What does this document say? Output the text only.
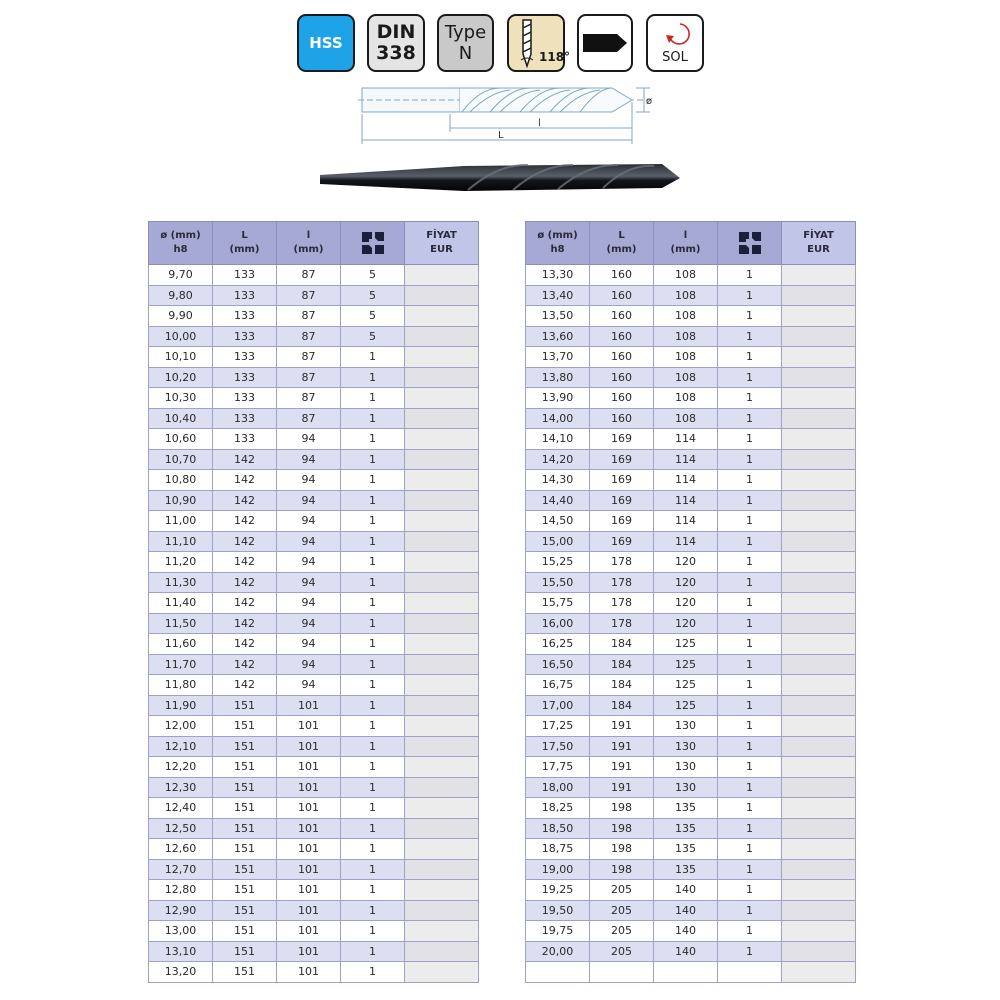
HSS DIN
338
Type
N	118°	SOL
ø
l
L
ø (mm)
h8	L
(mm)	l
(mm)		FİYAT
EUR
9,70	133	87	5	
9,80	133	87	5	
9,90	133	87	5	
10,00	133	87	5	
10,10	133	87	1	
10,20	133	87	1	
10,30	133	87	1	
10,40	133	87	1	
10,60	133	94	1	
10,70	142	94	1	
10,80	142	94	1	
10,90	142	94	1	
11,00	142	94	1	
11,10	142	94	1	
11,20	142	94	1	
11,30	142	94	1	
11,40	142	94	1	
11,50	142	94	1	
11,60	142	94	1	
11,70	142	94	1	
11,80	142	94	1	
11,90	151	101	1	
12,00	151	101	1	
12,10	151	101	1	
12,20	151	101	1	
12,30	151	101	1	
12,40	151	101	1	
12,50	151	101	1	
12,60	151	101	1	
12,70	151	101	1	
12,80	151	101	1	
12,90	151	101	1	
13,00	151	101	1	
13,10	151	101	1	
13,20	151	101	1	
ø (mm)
h8	L
(mm)	l
(mm)		FİYAT
EUR
13,30	160	108	1	
13,40	160	108	1	
13,50	160	108	1	
13,60	160	108	1	
13,70	160	108	1	
13,80	160	108	1	
13,90	160	108	1	
14,00	160	108	1	
14,10	169	114	1	
14,20	169	114	1	
14,30	169	114	1	
14,40	169	114	1	
14,50	169	114	1	
15,00	169	114	1	
15,25	178	120	1	
15,50	178	120	1	
15,75	178	120	1	
16,00	178	120	1	
16,25	184	125	1	
16,50	184	125	1	
16,75	184	125	1	
17,00	184	125	1	
17,25	191	130	1	
17,50	191	130	1	
17,75	191	130	1	
18,00	191	130	1	
18,25	198	135	1	
18,50	198	135	1	
18,75	198	135	1	
19,00	198	135	1	
19,25	205	140	1	
19,50	205	140	1	
19,75	205	140	1	
20,00	205	140	1	
